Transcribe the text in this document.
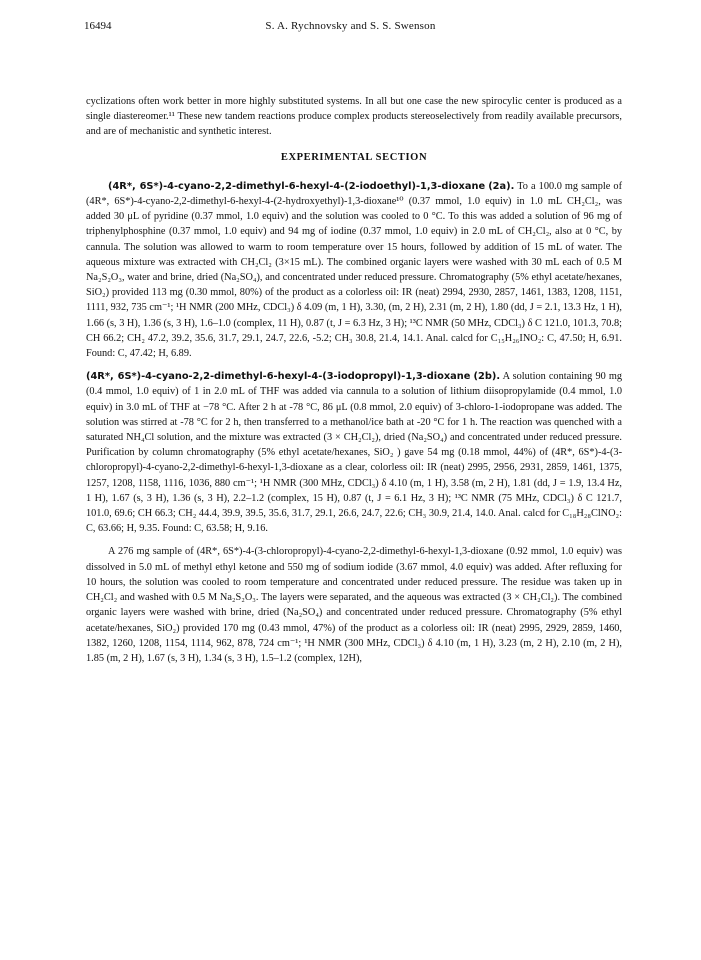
16494	S. A. Rychnovsky and S. S. Swenson

cyclizations often work better in more highly substituted systems. In all but one case the new spirocylic center is produced as a single diastereomer.¹¹ These new tandem reactions produce complex products stereoselectively from readily available precursors, and are of mechanistic and synthetic interest.

EXPERIMENTAL SECTION

(4R*, 6S*)-4-cyano-2,2-dimethyl-6-hexyl-4-(2-iodoethyl)-1,3-dioxane (2a). To a 100.0 mg sample of (4R*, 6S*)-4-cyano-2,2-dimethyl-6-hexyl-4-(2-hydroxyethyl)-1,3-dioxane¹⁰ (0.37 mmol, 1.0 equiv) in 1.0 mL CH₂Cl₂, was added 30 μL of pyridine (0.37 mmol, 1.0 equiv) and the solution was cooled to 0 °C. To this was added a solution of 96 mg of triphenylphosphine (0.37 mmol, 1.0 equiv) and 94 mg of iodine (0.37 mmol, 1.0 equiv) in 2.0 mL of CH₂Cl₂, also at 0 °C, by cannula. The solution was allowed to warm to room temperature over 15 hours, followed by addition of 15 mL of water. The aqueous mixture was extracted with CH₂Cl₂ (3×15 mL). The combined organic layers were washed with 30 mL each of 0.5 M Na₂S₂O₃, water and brine, dried (Na₂SO₄), and concentrated under reduced pressure. Chromatography (5% ethyl acetate/hexanes, SiO₂) provided 113 mg (0.30 mmol, 80%) of the product as a colorless oil: IR (neat) 2994, 2930, 2857, 1461, 1383, 1208, 1151, 1111, 932, 735 cm⁻¹; ¹H NMR (200 MHz, CDCl₃) δ 4.09 (m, 1 H), 3.30, (m, 2 H), 2.31 (m, 2 H), 1.80 (dd, J = 2.1, 13.3 Hz, 1 H), 1.66 (s, 3 H), 1.36 (s, 3 H), 1.6–1.0 (complex, 11 H), 0.87 (t, J = 6.3 Hz, 3 H); ¹³C NMR (50 MHz, CDCl₃) δ C 121.0, 101.3, 70.8; CH 66.2; CH₂ 47.2, 39.2, 35.6, 31.7, 29.1, 24.7, 22.6, -5.2; CH₃ 30.8, 21.4, 14.1. Anal. calcd for C₁₅H₂₆INO₂: C, 47.50; H, 6.91. Found: C, 47.42; H, 6.89.

(4R*, 6S*)-4-cyano-2,2-dimethyl-6-hexyl-4-(3-iodopropyl)-1,3-dioxane (2b). A solution containing 90 mg (0.4 mmol, 1.0 equiv) of 1 in 2.0 mL of THF was added via cannula to a solution of lithium diisopropylamide (0.4 mmol, 1.0 equiv) in 3.0 mL of THF at −78 °C. After 2 h at -78 °C, 86 μL (0.8 mmol, 2.0 equiv) of 3-chloro-1-iodopropane was added. The solution was stirred at -78 °C for 2 h, then transferred to a methanol/ice bath at -20 °C for 1 h. The reaction was quenched with a saturated NH₄Cl solution, and the mixture was extracted (3 × CH₂Cl₂), dried (Na₂SO₄) and concentrated under reduced pressure. Purification by column chromatography (5% ethyl acetate/hexanes, SiO₂ ) gave 54 mg (0.18 mmol, 44%) of (4R*, 6S*)-4-(3-chloropropyl)-4-cyano-2,2-dimethyl-6-hexyl-1,3-dioxane as a clear, colorless oil: IR (neat) 2995, 2956, 2931, 2859, 1461, 1375, 1257, 1208, 1158, 1116, 1036, 880 cm⁻¹; ¹H NMR (300 MHz, CDCl₃) δ 4.10 (m, 1 H), 3.58 (m, 2 H), 1.81 (dd, J = 1.9, 13.4 Hz, 1 H), 1.67 (s, 3 H), 1.36 (s, 3 H), 2.2–1.2 (complex, 15 H), 0.87 (t, J = 6.1 Hz, 3 H); ¹³C NMR (75 MHz, CDCl₃) δ C 121.7, 101.0, 69.6; CH 66.3; CH₂ 44.4, 39.9, 39.5, 35.6, 31.7, 29.1, 26.6, 24.7, 22.6; CH₃ 30.9, 21.4, 14.0. Anal. calcd for C₁₈H₂₈ClNO₂: C, 63.66; H, 9.35. Found: C, 63.58; H, 9.16.

A 276 mg sample of (4R*, 6S*)-4-(3-chloropropyl)-4-cyano-2,2-dimethyl-6-hexyl-1,3-dioxane (0.92 mmol, 1.0 equiv) was dissolved in 5.0 mL of methyl ethyl ketone and 550 mg of sodium iodide (3.67 mmol, 4.0 equiv) was added. After refluxing for 10 hours, the solution was cooled to room temperature and concentrated under reduced pressure. The residue was taken up in CH₂Cl₂ and washed with 0.5 M Na₂S₂O₃. The layers were separated, and the aqueous was extracted (3 × CH₂Cl₂). The combined organic layers were washed with brine, dried (Na₂SO₄) and concentrated under reduced pressure. Chromatography (5% ethyl acetate/hexanes, SiO₂) provided 170 mg (0.43 mmol, 47%) of the product as a colorless oil: IR (neat) 2995, 2929, 2859, 1460, 1382, 1260, 1208, 1154, 1114, 962, 878, 724 cm⁻¹; ¹H NMR (300 MHz, CDCl₃) δ 4.10 (m, 1 H), 3.23 (m, 2 H), 2.10 (m, 2 H), 1.85 (m, 2 H), 1.67 (s, 3 H), 1.34 (s, 3 H), 1.5–1.2 (complex, 12H),
